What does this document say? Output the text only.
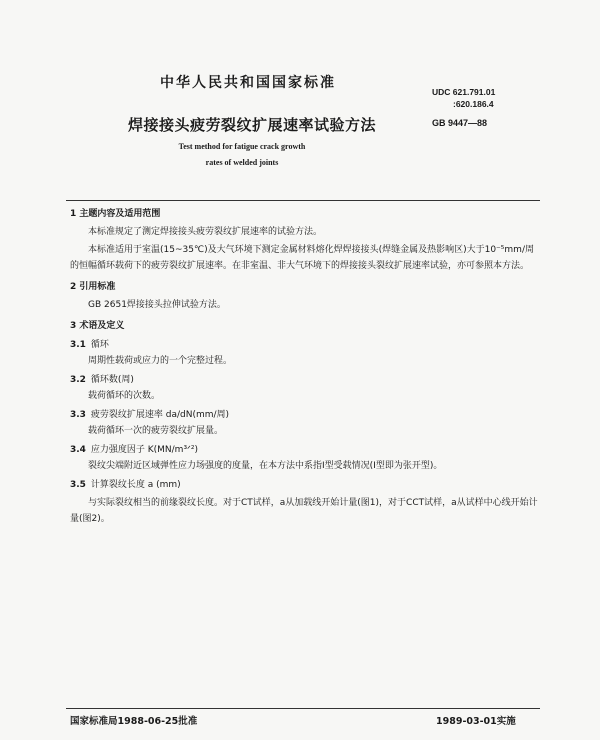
中华人民共和国国家标准
UDC 621.791.01
:620.186.4
焊接接头疲劳裂纹扩展速率试验方法	GB 9447—88
Test method for fatigue crack growth
rates of welded joints
1 主题内容及适用范围
本标准规定了测定焊接接头疲劳裂纹扩展速率的试验方法。
本标准适用于室温(15~35℃)及大气环境下测定金属材料熔化焊焊接接头(焊缝金属及热影响区)大于10⁻⁵mm/周的恒幅循环载荷下的疲劳裂纹扩展速率。在非室温、非大气环境下的焊接接头裂纹扩展速率试验，亦可参照本方法。
2 引用标准
GB 2651焊接接头拉伸试验方法。
3 术语及定义
3.1 循环
周期性载荷或应力的一个完整过程。
3.2 循环数(周)
载荷循环的次数。
3.3 疲劳裂纹扩展速率 da/dN(mm/周)
载荷循环一次的疲劳裂纹扩展量。
3.4 应力强度因子 K(MN/m³ᐟ²)
裂纹尖端附近区域弹性应力场强度的度量，在本方法中系指Ⅰ型受载情况(Ⅰ型即为张开型)。
3.5 计算裂纹长度 a (mm)
与实际裂纹相当的前缘裂纹长度。对于CT试样，a从加载线开始计量(图1)，对于CCT试样，a从试样中心线开始计量(图2)。
国家标准局1988-06-25批准	1989-03-01实施
